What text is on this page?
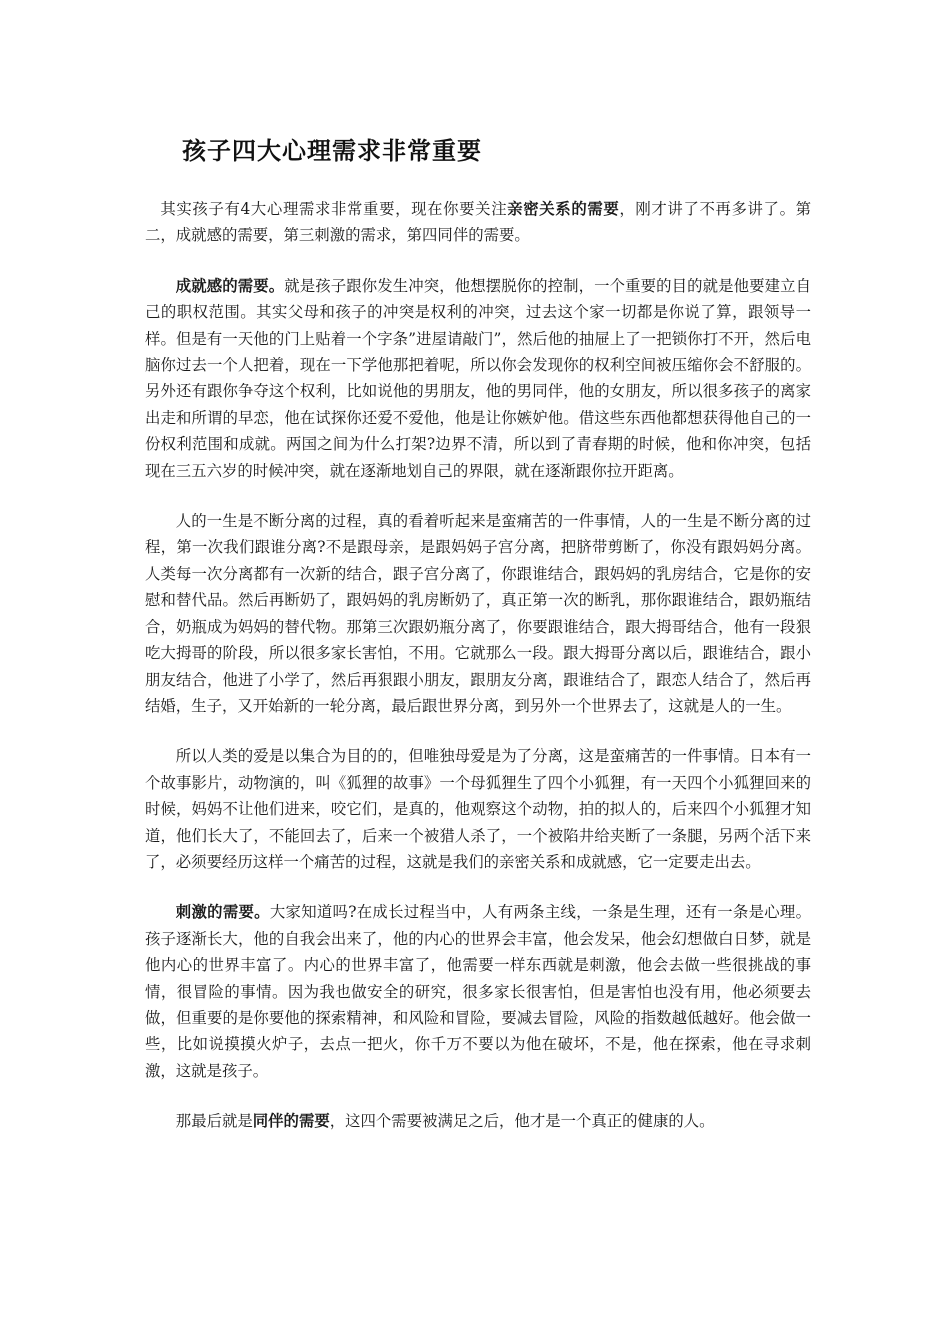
孩子四大心理需求非常重要

其实孩子有4大心理需求非常重要，现在你要关注亲密关系的需要，刚才讲了不再多讲了。第二，成就感的需要，第三刺激的需求，第四同伴的需要。

成就感的需要。就是孩子跟你发生冲突，他想摆脱你的控制，一个重要的目的就是他要建立自己的职权范围。其实父母和孩子的冲突是权利的冲突，过去这个家一切都是你说了算，跟领导一样。但是有一天他的门上贴着一个字条”进屋请敲门”，然后他的抽屉上了一把锁你打不开，然后电脑你过去一个人把着，现在一下学他那把着呢，所以你会发现你的权利空间被压缩你会不舒服的。另外还有跟你争夺这个权利，比如说他的男朋友，他的男同伴，他的女朋友，所以很多孩子的离家出走和所谓的早恋，他在试探你还爱不爱他，他是让你嫉妒他。借这些东西他都想获得他自己的一份权利范围和成就。两国之间为什么打架?边界不清，所以到了青春期的时候，他和你冲突，包括现在三五六岁的时候冲突，就在逐渐地划自己的界限，就在逐渐跟你拉开距离。

人的一生是不断分离的过程，真的看着听起来是蛮痛苦的一件事情，人的一生是不断分离的过程，第一次我们跟谁分离?不是跟母亲，是跟妈妈子宫分离，把脐带剪断了，你没有跟妈妈分离。人类每一次分离都有一次新的结合，跟子宫分离了，你跟谁结合，跟妈妈的乳房结合，它是你的安慰和替代品。然后再断奶了，跟妈妈的乳房断奶了，真正第一次的断乳，那你跟谁结合，跟奶瓶结合，奶瓶成为妈妈的替代物。那第三次跟奶瓶分离了，你要跟谁结合，跟大拇哥结合，他有一段狠吃大拇哥的阶段，所以很多家长害怕，不用。它就那么一段。跟大拇哥分离以后，跟谁结合，跟小朋友结合，他进了小学了，然后再狠跟小朋友，跟朋友分离，跟谁结合了，跟恋人结合了，然后再结婚，生子，又开始新的一轮分离，最后跟世界分离，到另外一个世界去了，这就是人的一生。

所以人类的爱是以集合为目的的，但唯独母爱是为了分离，这是蛮痛苦的一件事情。日本有一个故事影片，动物演的，叫《狐狸的故事》一个母狐狸生了四个小狐狸，有一天四个小狐狸回来的时候，妈妈不让他们进来，咬它们，是真的，他观察这个动物，拍的拟人的，后来四个小狐狸才知道，他们长大了，不能回去了，后来一个被猎人杀了，一个被陷井给夹断了一条腿，另两个活下来了，必须要经历这样一个痛苦的过程，这就是我们的亲密关系和成就感，它一定要走出去。

刺激的需要。大家知道吗?在成长过程当中，人有两条主线，一条是生理，还有一条是心理。孩子逐渐长大，他的自我会出来了，他的内心的世界会丰富，他会发呆，他会幻想做白日梦，就是他内心的世界丰富了。内心的世界丰富了，他需要一样东西就是刺激，他会去做一些很挑战的事情，很冒险的事情。因为我也做安全的研究，很多家长很害怕，但是害怕也没有用，他必须要去做，但重要的是你要他的探索精神，和风险和冒险，要减去冒险，风险的指数越低越好。他会做一些，比如说摸摸火炉子，去点一把火，你千万不要以为他在破坏，不是，他在探索，他在寻求刺激，这就是孩子。

那最后就是同伴的需要，这四个需要被满足之后，他才是一个真正的健康的人。
